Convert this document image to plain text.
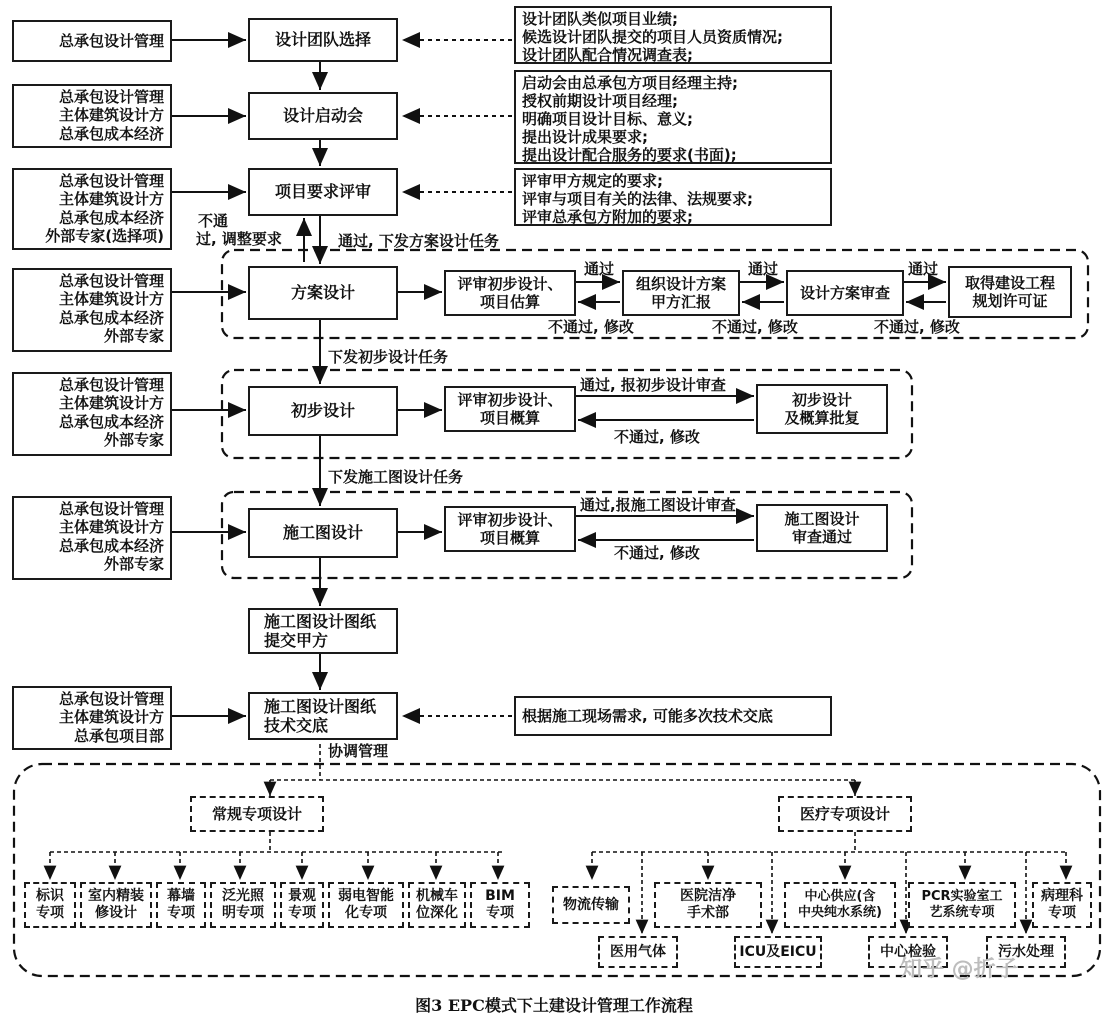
总承包设计管理
总承包设计管理
主体建筑设计方
总承包成本经济
总承包设计管理
主体建筑设计方
总承包成本经济
外部专家(选择项)
总承包设计管理
主体建筑设计方
总承包成本经济
外部专家
总承包设计管理
主体建筑设计方
总承包成本经济
外部专家
总承包设计管理
主体建筑设计方
总承包成本经济
外部专家
总承包设计管理
主体建筑设计方
总承包项目部
设计团队选择
设计启动会
项目要求评审
方案设计
初步设计
施工图设计
施工图设计图纸
提交甲方
施工图设计图纸
技术交底
设计团队类似项目业绩;
候选设计团队提交的项目人员资质情况;
设计团队配合情况调查表;
启动会由总承包方项目经理主持;
授权前期设计项目经理;
明确项目设计目标、意义;
提出设计成果要求;
提出设计配合服务的要求(书面);
评审甲方规定的要求;
评审与项目有关的法律、法规要求;
评审总承包方附加的要求;
根据施工现场需求, 可能多次技术交底
评审初步设计、
项目估算
组织设计方案
甲方汇报	设计方案审查
取得建设工程
规划许可证
评审初步设计、
项目概算
初步设计
及概算批复
评审初步设计、
项目概算
施工图设计
审查通过
不通
过, 调整要求	通过, 下发方案设计任务
通过	通过	通过
不通过, 修改	不通过, 修改	不通过, 修改
下发初步设计任务
通过, 报初步设计审查
不通过, 修改
下发施工图设计任务
通过,报施工图设计审查
不通过, 修改
协调管理
常规专项设计	医疗专项设计
标识
专项
室内精装
修设计
幕墙
专项
泛光照
明专项
景观
专项
弱电智能
化专项
机械车
位深化
BIM
专项
物流传输
医院洁净
手术部
中心供应(含
中央纯水系统)
PCR实验室工
艺系统专项
病理科
专项
医用气体	ICU及EICU	中心检验	污水处理
知乎 @折子
图3 EPC模式下土建设计管理工作流程
